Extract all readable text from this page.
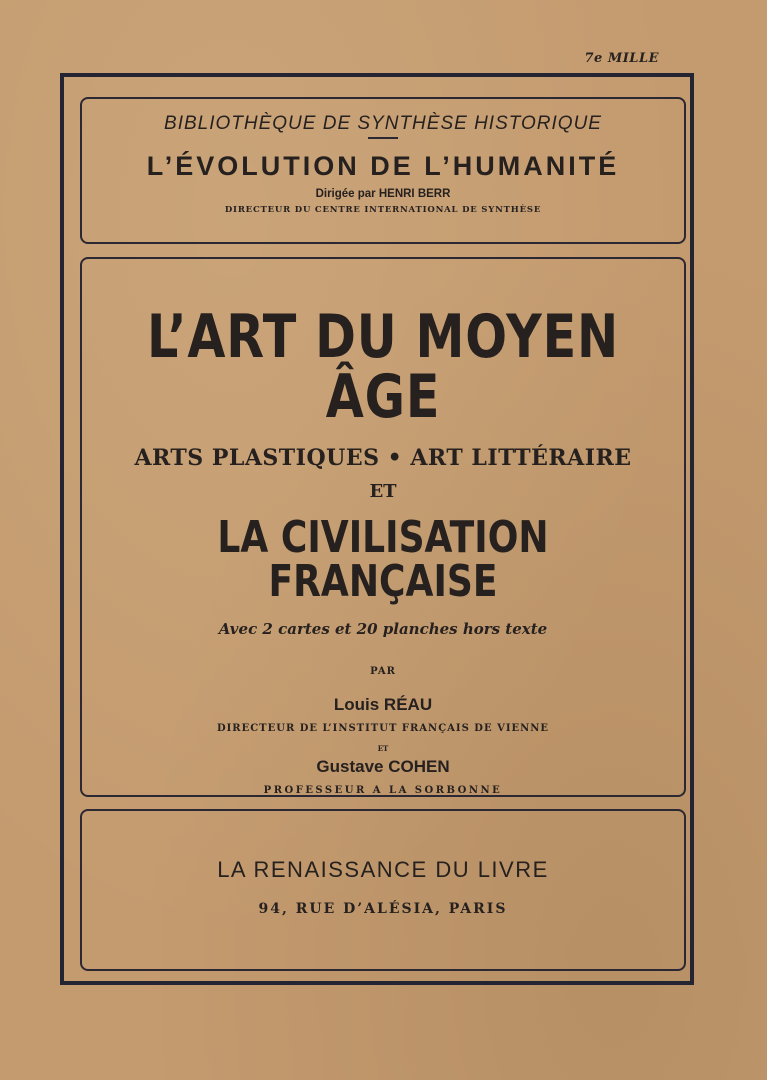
7e MILLE
BIBLIOTHÈQUE DE SYNTHÈSE HISTORIQUE
L’ÉVOLUTION DE L’HUMANITÉ
Dirigée par HENRI BERR
DIRECTEUR DU CENTRE INTERNATIONAL DE SYNTHÈSE
L’ART DU MOYEN ÂGE
ARTS PLASTIQUES • ART LITTÉRAIRE
ET
LA CIVILISATION FRANÇAISE
Avec 2 cartes et 20 planches hors texte
PAR
Louis RÉAU
DIRECTEUR DE L’INSTITUT FRANÇAIS DE VIENNE
ET
Gustave COHEN
PROFESSEUR A LA SORBONNE
LA RENAISSANCE DU LIVRE
94, RUE D’ALÉSIA, PARIS
